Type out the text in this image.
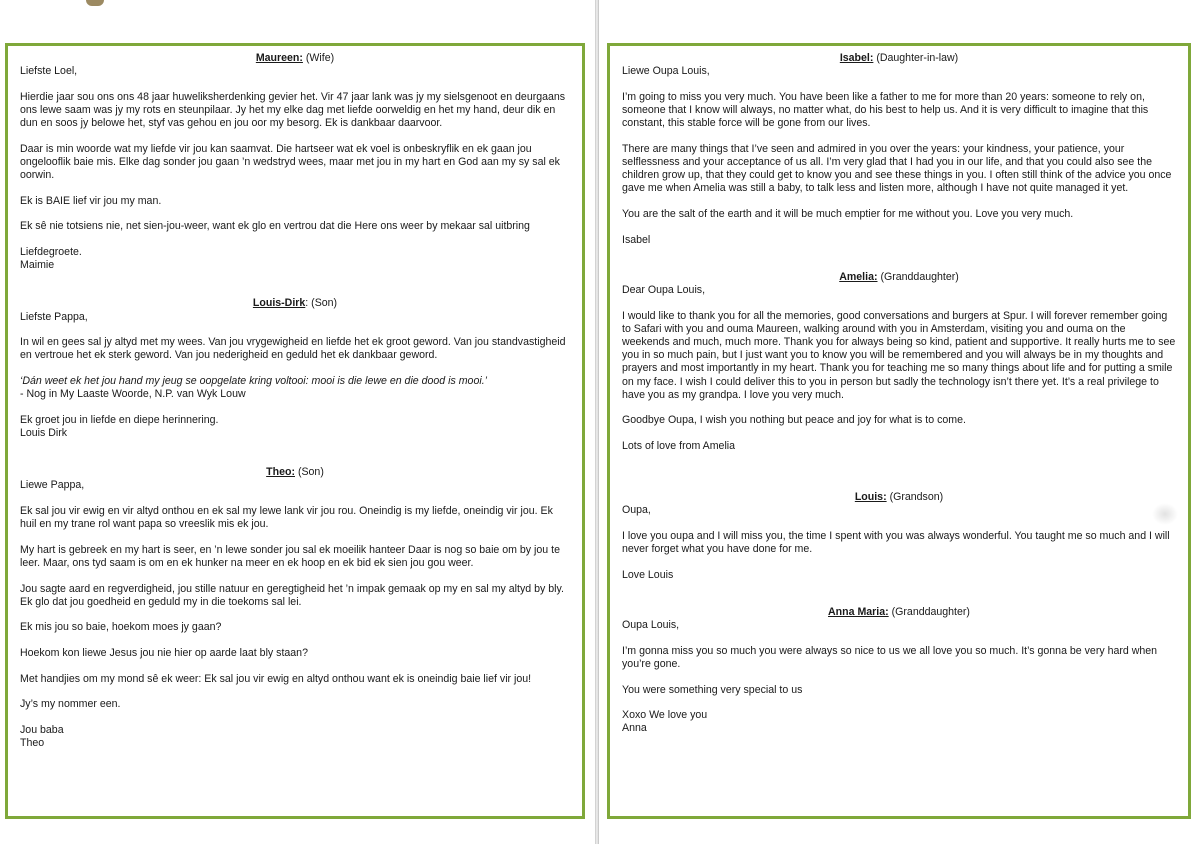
Maureen: (Wife)

Liefste Loel,

Hierdie jaar sou ons ons 48 jaar huweliksherdenking gevier het. Vir 47 jaar lank was jy my sielsgenoot en deurgaans ons lewe saam was jy my rots en steunpilaar. Jy het my elke dag met liefde oorweldig en het my hand, deur dik en dun en soos jy belowe het, styf vas gehou en jou oor my besorg. Ek is dankbaar daarvoor.

Daar is min woorde wat my liefde vir jou kan saamvat. Die hartseer wat ek voel is onbeskryflik en ek gaan jou ongeloof​lik baie mis. Elke dag sonder jou gaan ’n wedstryd wees, maar met jou in my hart en God aan my sy sal ek oorwin.

Ek is BAIE lief vir jou my man.

Ek sê nie totsiens nie, net sien-jou-weer, want ek glo en vertrou dat die Here ons weer by mekaar sal uitbring

Liefdegroete.

Maimie

Louis-Dirk: (Son)

Liefste Pappa,

In wil en gees sal jy altyd met my wees. Van jou vrygewigheid en liefde het ek groot geword. Van jou standvastigheid en vertroue het ek sterk geword. Van jou nederigheid en geduld het ek dankbaar geword.

‘Dán weet ek het jou hand my jeug se oopgelate kring voltooi: mooi is die lewe en die dood is mooi.’

- Nog in My Laaste Woorde, N.P. van Wyk Louw

Ek groet jou in liefde en diepe herinnering.

Louis Dirk

Theo: (Son)

Liewe Pappa,

Ek sal jou vir ewig en vir altyd onthou en ek sal my lewe lank vir jou rou. Oneindig is my liefde, oneindig vir jou. Ek huil en my trane rol want papa so vreeslik mis ek jou.

My hart is gebreek en my hart is seer, en ’n lewe sonder jou sal ek moeilik hanteer Daar is nog so baie om by jou te leer. Maar, ons tyd saam is om en ek hunker na meer en ek hoop en ek bid ek sien jou gou weer.

Jou sagte aard en regverdigheid, jou stille natuur en geregtigheid het ’n impak gemaak op my en sal my altyd by bly. Ek glo dat jou goedheid en geduld my in die toekoms sal lei.

Ek mis jou so baie, hoekom moes jy gaan?

Hoekom kon liewe Jesus jou nie hier op aarde laat bly staan?

Met handjies om my mond sê ek weer: Ek sal jou vir ewig en altyd onthou want ek is oneindig baie lief vir jou!

Jy’s my nommer een.

Jou baba

Theo

Isabel: (Daughter-in-law)

Liewe Oupa Louis,

I’m going to miss you very much. You have been like a father to me for more than 20 years: someone to rely on, someone that I know will always, no matter what, do his best to help us. And it is very difficult to imagine that this constant, this stable force will be gone from our lives.

There are many things that I’ve seen and admired in you over the years: your kindness, your patience, your selflessness and your acceptance of us all. I’m very glad that I had you in our life, and that you could also see the children grow up, that they could get to know you and see these things in you. I often still think of the advice you once gave me when Amelia was still a baby, to talk less and listen more, although I have not quite managed it yet.

You are the salt of the earth and it will be much emptier for me without you. Love you very much.

Isabel

Amelia: (Granddaughter)

Dear Oupa Louis,

I would like to thank you for all the memories, good conversations and burgers at Spur. I will forever remember going to Safari with you and ouma Maureen, walking around with you in Amsterdam, visiting you and ouma on the weekends and much, much more. Thank you for always being so kind, patient and supportive. It really hurts me to see you in so much pain, but I just want you to know you will be remembered and you will always be in my thoughts and prayers and most importantly in my heart. Thank you for teaching me so many things about life and for putting a smile on my face. I wish I could deliver this to you in person but sadly the technology isn’t there yet. It’s a real privilege to have you as my grandpa. I love you very much.

Goodbye Oupa, I wish you nothing but peace and joy for what is to come.

Lots of love from Amelia

Louis: (Grandson)

Oupa,

I love you oupa and I will miss you, the time I spent with you was always wonderful. You taught me so much and I will never forget what you have done for me.

Love Louis

Anna Maria: (Granddaughter)

Oupa Louis,

I’m gonna miss you so much you were always so nice to us we all love you so much. It’s gonna be very hard when you’re gone.

You were something very special to us

Xoxo We love you

Anna
